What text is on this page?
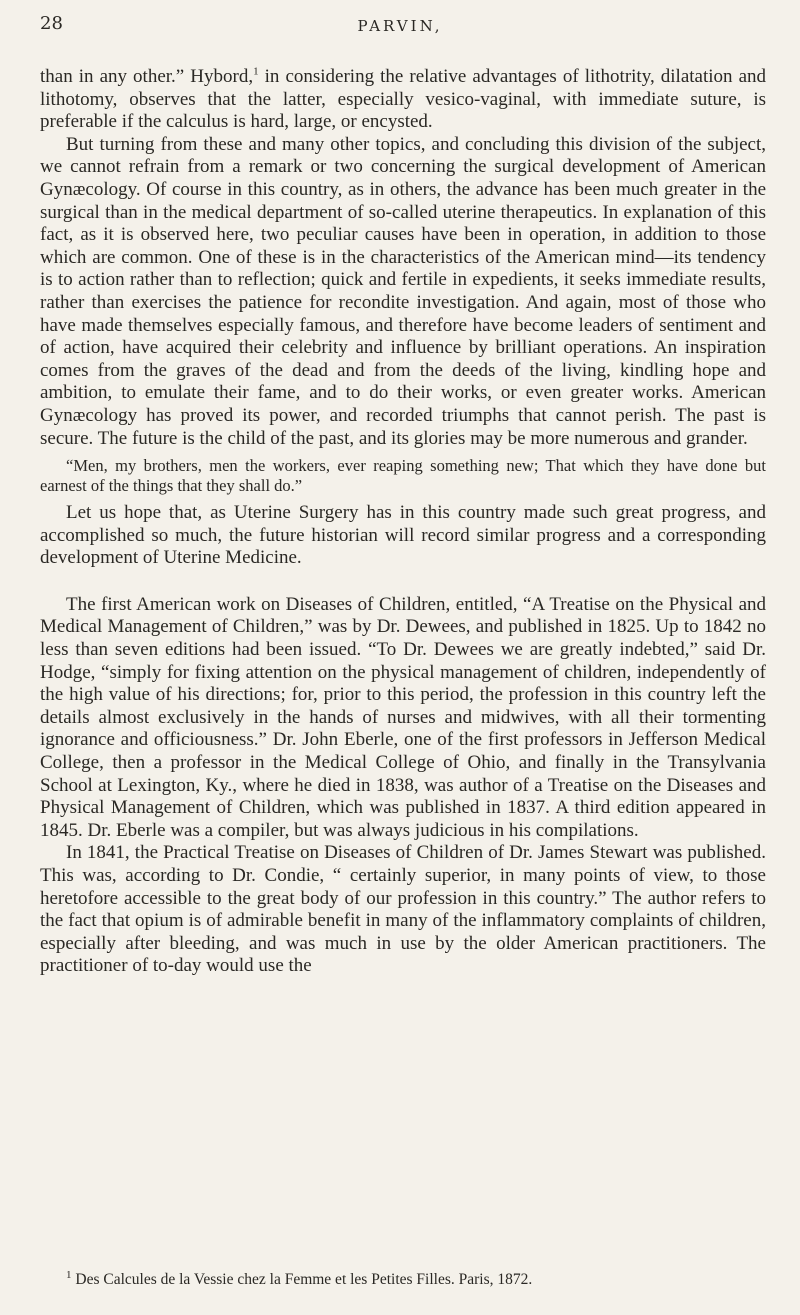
28	PARVIN,

than in any other.” Hybord,$^1$ in considering the relative advantages of lithotrity, dilatation and lithotomy, observes that the latter, especially vesico-vaginal, with immediate suture, is preferable if the calculus is hard, large, or encysted.

But turning from these and many other topics, and concluding this division of the subject, we cannot refrain from a remark or two concerning the surgical development of American Gynæcology. Of course in this country, as in others, the advance has been much greater in the surgical than in the medical department of so-called uterine therapeutics. In explanation of this fact, as it is observed here, two peculiar causes have been in operation, in addition to those which are common. One of these is in the characteristics of the American mind—its tendency is to action rather than to reflection; quick and fertile in expedients, it seeks immediate results, rather than exercises the patience for recondite investigation. And again, most of those who have made themselves especially famous, and therefore have become leaders of sentiment and of action, have acquired their celebrity and influence by brilliant operations. An inspiration comes from the graves of the dead and from the deeds of the living, kindling hope and ambition, to emulate their fame, and to do their works, or even greater works. American Gynæcology has proved its power, and recorded triumphs that cannot perish. The past is secure. The future is the child of the past, and its glories may be more numerous and grander.

“Men, my brothers, men the workers, ever reaping something new; That which they have done but earnest of the things that they shall do.”

Let us hope that, as Uterine Surgery has in this country made such great progress, and accomplished so much, the future historian will record similar progress and a corresponding development of Uterine Medicine.

The first American work on Diseases of Children, entitled, “A Treatise on the Physical and Medical Management of Children,” was by Dr. Dewees, and published in 1825. Up to 1842 no less than seven editions had been issued. “To Dr. Dewees we are greatly indebted,” said Dr. Hodge, “simply for fixing attention on the physical management of children, independently of the high value of his directions; for, prior to this period, the profession in this country left the details almost exclusively in the hands of nurses and midwives, with all their tormenting ignorance and officiousness.” Dr. John Eberle, one of the first professors in Jefferson Medical College, then a professor in the Medical College of Ohio, and finally in the Transylvania School at Lexington, Ky., where he died in 1838, was author of a Treatise on the Diseases and Physical Management of Children, which was published in 1837. A third edition appeared in 1845. Dr. Eberle was a compiler, but was always judicious in his compilations.

In 1841, the Practical Treatise on Diseases of Children of Dr. James Stewart was published. This was, according to Dr. Condie, “ certainly superior, in many points of view, to those heretofore accessible to the great body of our profession in this country.” The author refers to the fact that opium is of admirable benefit in many of the inflammatory complaints of children, especially after bleeding, and was much in use by the older American practitioners. The practitioner of to-day would use the

$^1$ Des Calcules de la Vessie chez la Femme et les Petites Filles. Paris, 1872.
